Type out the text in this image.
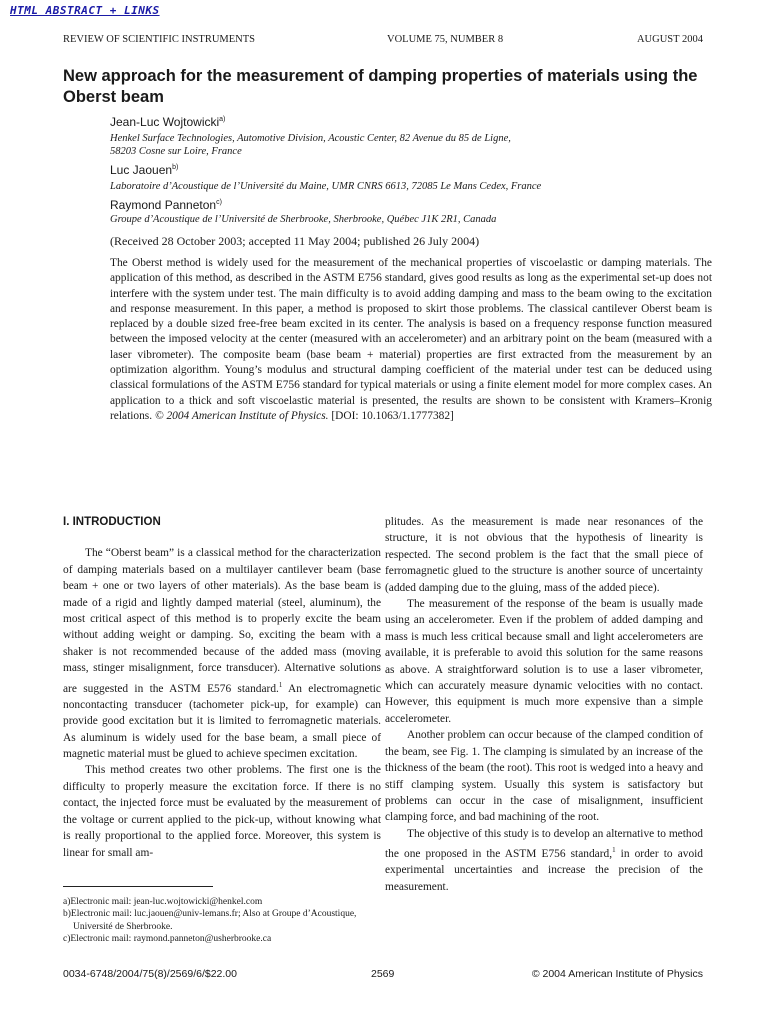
HTML ABSTRACT + LINKS
REVIEW OF SCIENTIFIC INSTRUMENTS	VOLUME 75, NUMBER 8	AUGUST 2004
New approach for the measurement of damping properties of materials using the Oberst beam
Jean-Luc Wojtowicki$^{a)}$
Henkel Surface Technologies, Automotive Division, Acoustic Center, 82 Avenue du 85 de Ligne,
58203 Cosne sur Loire, France
Luc Jaouen$^{b)}$
Laboratoire d’Acoustique de l’Université du Maine, UMR CNRS 6613, 72085 Le Mans Cedex, France
Raymond Panneton$^{c)}$
Groupe d’Acoustique de l’Université de Sherbrooke, Sherbrooke, Québec J1K 2R1, Canada
(Received 28 October 2003; accepted 11 May 2004; published 26 July 2004)

The Oberst method is widely used for the measurement of the mechanical properties of viscoelastic or damping materials. The application of this method, as described in the ASTM E756 standard, gives good results as long as the experimental set-up does not interfere with the system under test. The main difficulty is to avoid adding damping and mass to the beam owing to the excitation and response measurement. In this paper, a method is proposed to skirt those problems. The classical cantilever Oberst beam is replaced by a double sized free-free beam excited in its center. The analysis is based on a frequency response function measured between the imposed velocity at the center (measured with an accelerometer) and an arbitrary point on the beam (measured with a laser vibrometer). The composite beam (base beam + material) properties are first extracted from the measurement by an optimization algorithm. Young’s modulus and structural damping coefficient of the material under test can be deduced using classical formulations of the ASTM E756 standard for typical materials or using a finite element model for more complex cases. An application to a thick and soft viscoelastic material is presented, the results are shown to be consistent with Kramers–Kronig relations. © 2004 American Institute of Physics. [DOI: 10.1063/1.1777382]

I. INTRODUCTION

The “Oberst beam” is a classical method for the characterization of damping materials based on a multilayer cantilever beam (base beam + one or two layers of other materials). As the base beam is made of a rigid and lightly damped material (steel, aluminum), the most critical aspect of this method is to properly excite the beam without adding weight or damping. So, exciting the beam with a shaker is not recommended because of the added mass (moving mass, stinger misalignment, force transducer). Alternative solutions are suggested in the ASTM E576 standard.$^1$ An electromagnetic noncontacting transducer (tachometer pick-up, for example) can provide good excitation but it is limited to ferromagnetic materials. As aluminum is widely used for the base beam, a small piece of magnetic material must be glued to achieve specimen excitation.

This method creates two other problems. The first one is the difficulty to properly measure the excitation force. If there is no contact, the injected force must be evaluated by the measurement of the voltage or current applied to the pick-up, without knowing what is really proportional to the applied force. Moreover, this system is linear for small am-

plitudes. As the measurement is made near resonances of the structure, it is not obvious that the hypothesis of linearity is respected. The second problem is the fact that the small piece of ferromagnetic glued to the structure is another source of uncertainty (added damping due to the gluing, mass of the added piece).

The measurement of the response of the beam is usually made using an accelerometer. Even if the problem of added damping and mass is much less critical because small and light accelerometers are available, it is preferable to avoid this solution for the same reasons as above. A straightforward solution is to use a laser vibrometer, which can accurately measure dynamic velocities with no contact. However, this equipment is much more expensive than a simple accelerometer.

Another problem can occur because of the clamped condition of the beam, see Fig. 1. The clamping is simulated by an increase of the thickness of the beam (the root). This root is wedged into a heavy and stiff clamping system. Usually this system is satisfactory but problems can occur in the case of misalignment, insufficient clamping force, and bad machining of the root.

The objective of this study is to develop an alternative to method the one proposed in the ASTM E756 standard,$^1$ in order to avoid experimental uncertainties and increase the precision of the measurement.

a)Electronic mail: jean-luc.wojtowicki@henkel.com
b)Electronic mail: luc.jaouen@univ-lemans.fr; Also at Groupe d’Acoustique,
Université de Sherbrooke.
c)Electronic mail: raymond.panneton@usherbrooke.ca
0034-6748/2004/75(8)/2569/6/$22.00	2569	© 2004 American Institute of Physics
